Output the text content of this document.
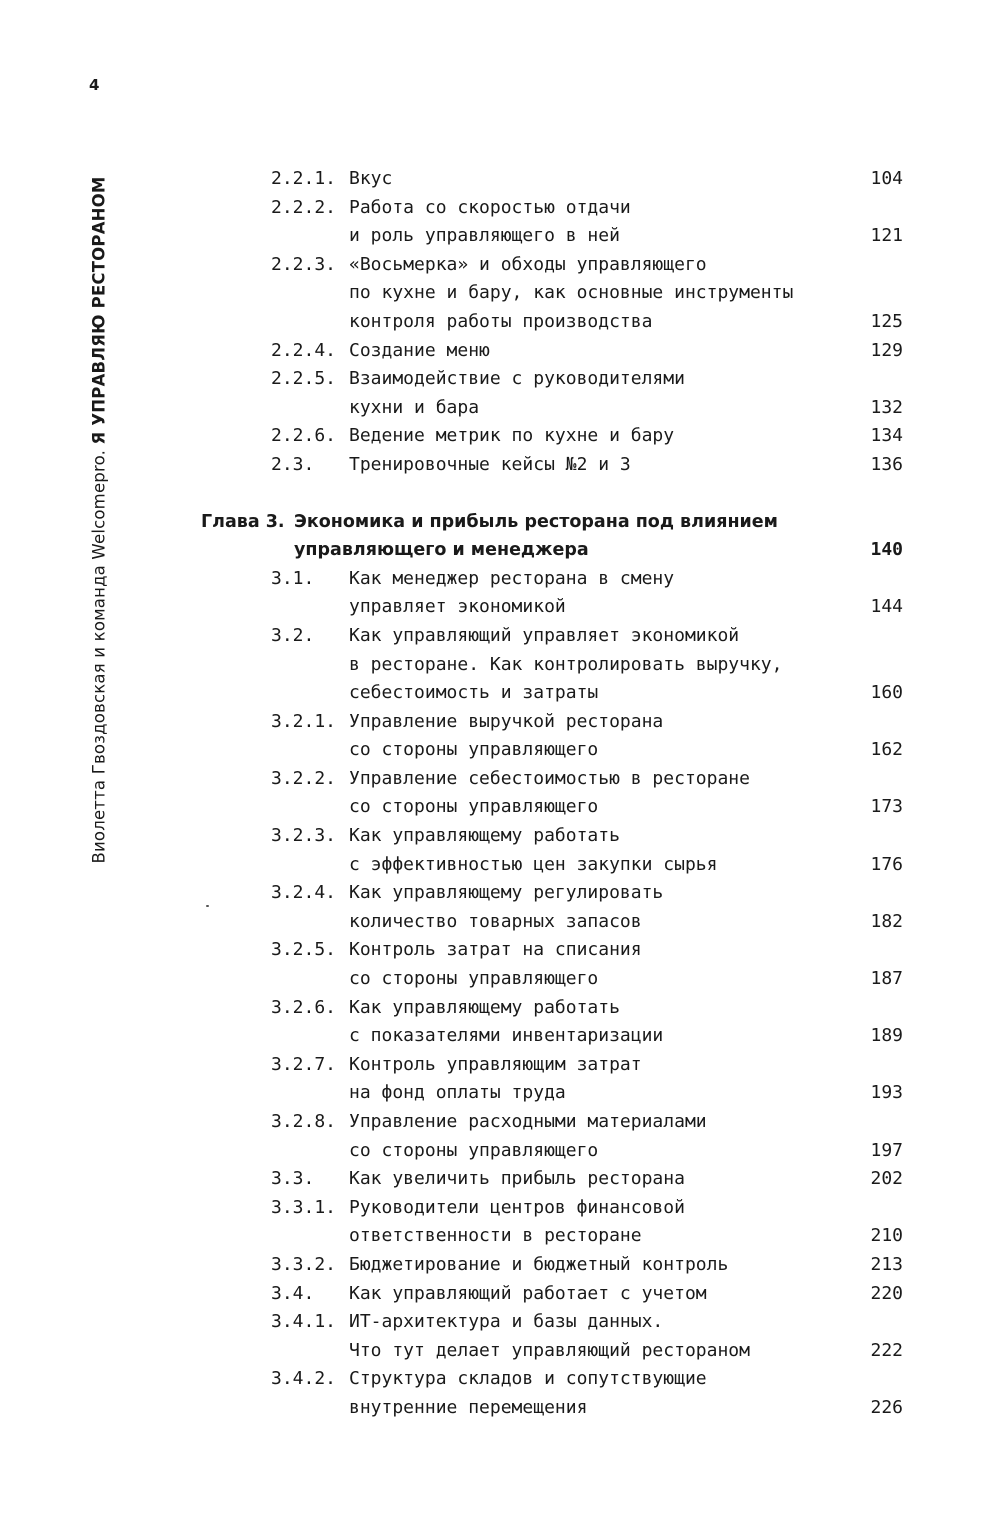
4
Виолетта Гвоздовская и команда Welcomepro. Я УПРАВЛЯЮ РЕСТОРАНОМ	2.2.1. Вкус	104
2.2.2. Работа со скоростью отдачи
и роль управляющего в ней	121
2.2.3. «Восьмерка» и обходы управляющего
по кухне и бару, как основные инструменты
контроля работы производства	125
2.2.4. Создание меню	129
2.2.5. Взаимодействие с руководителями
кухни и бара	132
2.2.6. Ведение метрик по кухне и бару	134
2.3. Тренировочные кейсы №2 и 3	136
Глава 3. Экономика и прибыль ресторана под влиянием
управляющего и менеджера	140
3.1. Как менеджер ресторана в смену
управляет экономикой	144
3.2. Как управляющий управляет экономикой
в ресторане. Как контролировать выручку,
себестоимость и затраты	160
3.2.1. Управление выручкой ресторана
со стороны управляющего	162
3.2.2. Управление себестоимостью в ресторане
со стороны управляющего	173
3.2.3. Как управляющему работать
с эффективностью цен закупки сырья	176
3.2.4. Как управляющему регулировать
количество товарных запасов	182
3.2.5. Контроль затрат на списания
со стороны управляющего	187
3.2.6. Как управляющему работать
с показателями инвентаризации	189
3.2.7. Контроль управляющим затрат
на фонд оплаты труда	193
3.2.8. Управление расходными материалами
со стороны управляющего	197
3.3. Как увеличить прибыль ресторана	202
3.3.1. Руководители центров финансовой
ответственности в ресторане	210
3.3.2. Бюджетирование и бюджетный контроль	213
3.4. Как управляющий работает с учетом	220
3.4.1. ИТ-архитектура и базы данных.
Что тут делает управляющий рестораном	222
3.4.2. Структура складов и сопутствующие
внутренние перемещения	226
